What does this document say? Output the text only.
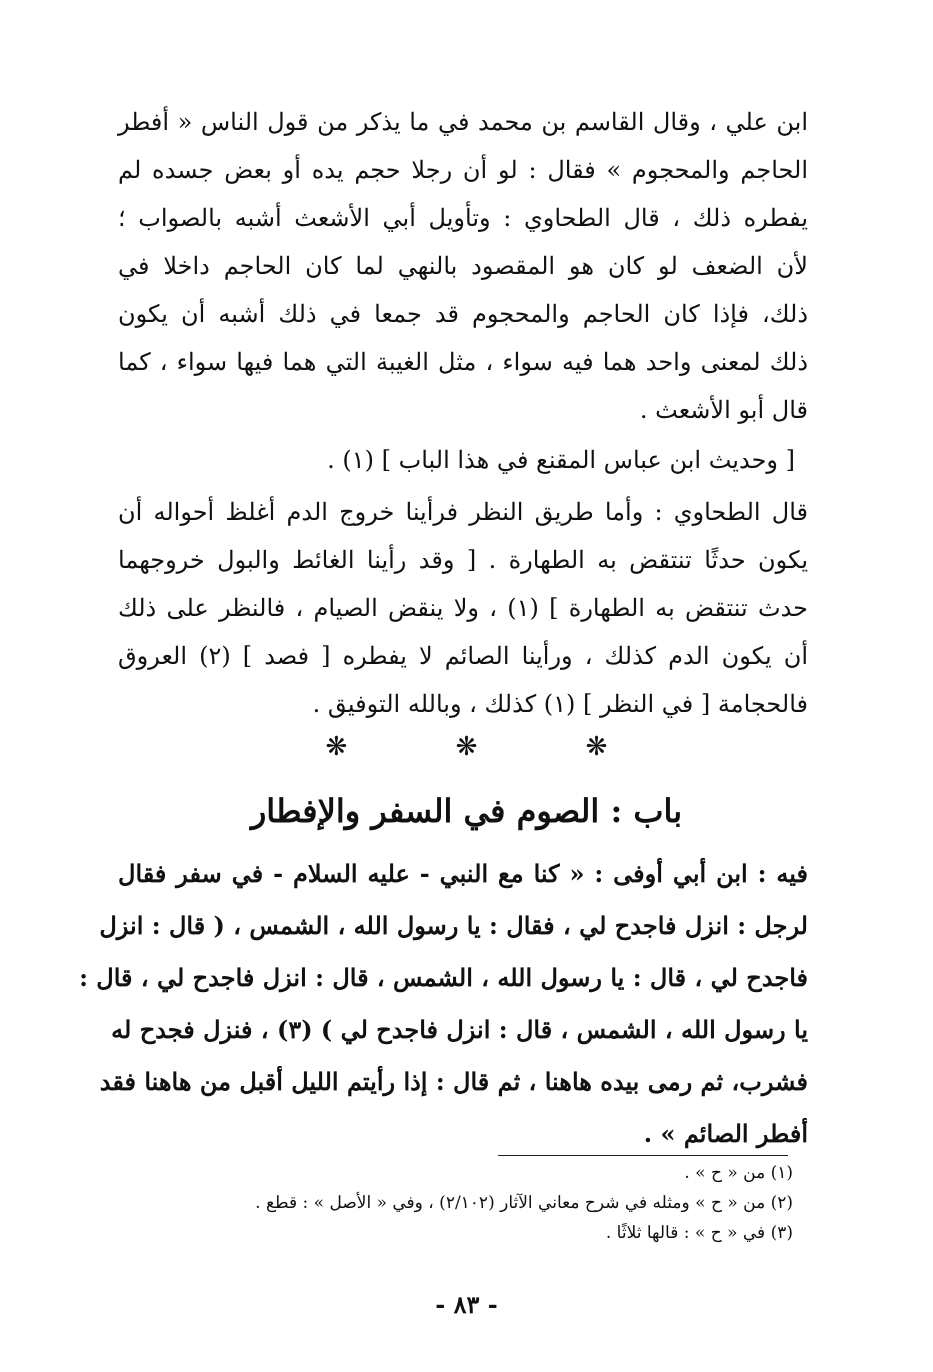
ابن علي ، وقال القاسم بن محمد في ما يذكر من قول الناس « أفطر
الحاجم والمحجوم » فقال : لو أن رجلا حجم يده أو بعض جسده لم
يفطره ذلك ، قال الطحاوي : وتأويل أبي الأشعث أشبه بالصواب ؛
لأن الضعف لو كان هو المقصود بالنهي لما كان الحاجم داخلا في
ذلك، فإذا كان الحاجم والمحجوم قد جمعا في ذلك أشبه أن يكون
ذلك لمعنى واحد هما فيه سواء ، مثل الغيبة التي هما فيها سواء ، كما
قال أبو الأشعث .
[ وحديث ابن عباس المقنع في هذا الباب ] (١) .
قال الطحاوي : وأما طريق النظر فرأينا خروج الدم أغلظ أحواله أن
يكون حدثًا تنتقض به الطهارة . [ وقد رأينا الغائط والبول خروجهما
حدث تنتقض به الطهارة ] (١) ، ولا ينقض الصيام ، فالنظر على ذلك
أن يكون الدم كذلك ، ورأينا الصائم لا يفطره [ فصد ] (٢) العروق
فالحجامة [ في النظر ] (١) كذلك ، وبالله التوفيق .
❋ ❋ ❋
باب : الصوم في السفر والإفطار
فيه : ابن أبي أوفى : « كنا مع النبي - عليه السلام - في سفر فقال
لرجل : انزل فاجدح لي ، فقال : يا رسول الله ، الشمس ، ( قال : انزل
فاجدح لي ، قال : يا رسول الله ، الشمس ، قال : انزل فاجدح لي ، قال :
يا رسول الله ، الشمس ، قال : انزل فاجدح لي ) (٣) ، فنزل فجدح له
فشرب، ثم رمى بيده هاهنا ، ثم قال : إذا رأيتم الليل أقبل من هاهنا فقد
أفطر الصائم » .
(١) من « ح » .
(٢) من « ح » ومثله في شرح معاني الآثار (٢/١٠٢) ، وفي « الأصل » : قطع .
(٣) في « ح » : قالها ثلاثًا .
- ٨٣ -
